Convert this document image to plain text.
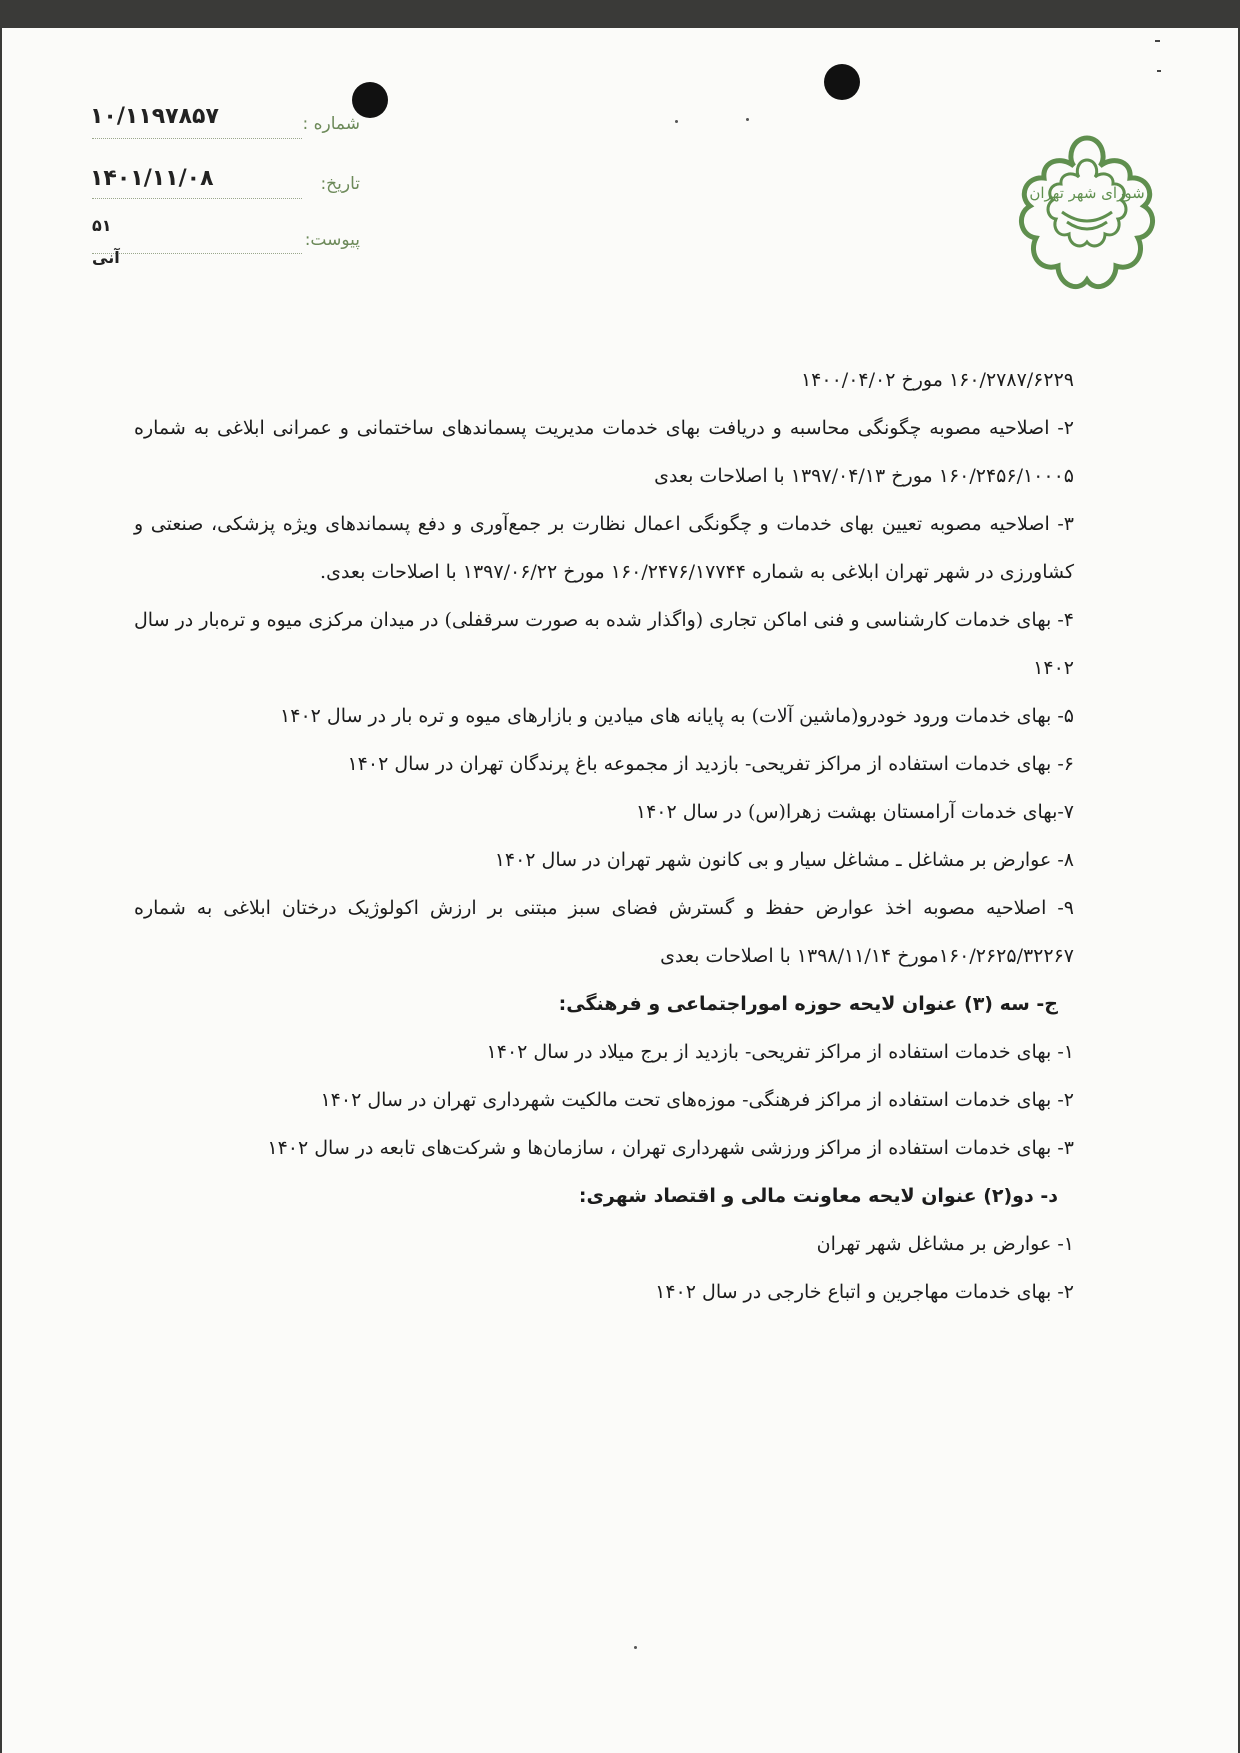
شورای شهر تهران
۱۰/۱۱۹۷۸۵۷	شماره :
۱۴۰۱/۱۱/۰۸	تاریخ:
۵۱
پیوست:
آنی

۱۶۰/۲۷۸۷/۶۲۲۹ مورخ ۱۴۰۰/۰۴/۰۲

۲- اصلاحیه مصوبه چگونگی محاسبه و دریافت بهای خدمات مدیریت پسماندهای ساختمانی و عمرانی ابلاغی به شماره ۱۶۰/۲۴۵۶/۱۰۰۰۵ مورخ ۱۳۹۷/۰۴/۱۳ با اصلاحات بعدی

۳- اصلاحیه مصوبه تعیین بهای خدمات و چگونگی اعمال نظارت بر جمع‌آوری و دفع پسماندهای ویژه پزشکی، صنعتی و کشاورزی در شهر تهران ابلاغی به شماره ۱۶۰/۲۴۷۶/۱۷۷۴۴ مورخ ۱۳۹۷/۰۶/۲۲ با اصلاحات بعدی.

۴- بهای خدمات کارشناسی و فنی اماکن تجاری (واگذار شده به صورت سرقفلی) در میدان مرکزی میوه و تره‌بار در سال ۱۴۰۲

۵- بهای خدمات ورود خودرو(ماشین آلات) به پایانه های میادین و بازارهای میوه و تره بار در سال ۱۴۰۲

۶- بهای خدمات استفاده از مراکز تفریحی- بازدید از مجموعه باغ پرندگان تهران در سال ۱۴۰۲

۷-بهای خدمات آرامستان بهشت زهرا(س) در سال ۱۴۰۲

۸- عوارض بر مشاغل ـ مشاغل سیار و بی کانون شهر تهران در سال ۱۴۰۲

۹- اصلاحیه مصوبه اخذ عوارض حفظ و گسترش فضای سبز مبتنی بر ارزش اکولوژیک درختان ابلاغی به شماره ۱۶۰/۲۶۲۵/۳۲۲۶۷مورخ ۱۳۹۸/۱۱/۱۴ با اصلاحات بعدی

ج- سه (۳) عنوان لایحه حوزه اموراجتماعی و فرهنگی:

۱- بهای خدمات استفاده از مراکز تفریحی- بازدید از برج میلاد در سال ۱۴۰۲

۲- بهای خدمات استفاده از مراکز فرهنگی- موزه‌های تحت مالکیت شهرداری تهران در سال ۱۴۰۲

۳- بهای خدمات استفاده از مراکز ورزشی شهرداری تهران ، سازمان‌ها و شرکت‌های تابعه در سال ۱۴۰۲

د- دو(۲) عنوان لایحه معاونت مالی و اقتصاد شهری:

۱- عوارض بر مشاغل شهر تهران

۲- بهای خدمات مهاجرین و اتباع خارجی در سال ۱۴۰۲
